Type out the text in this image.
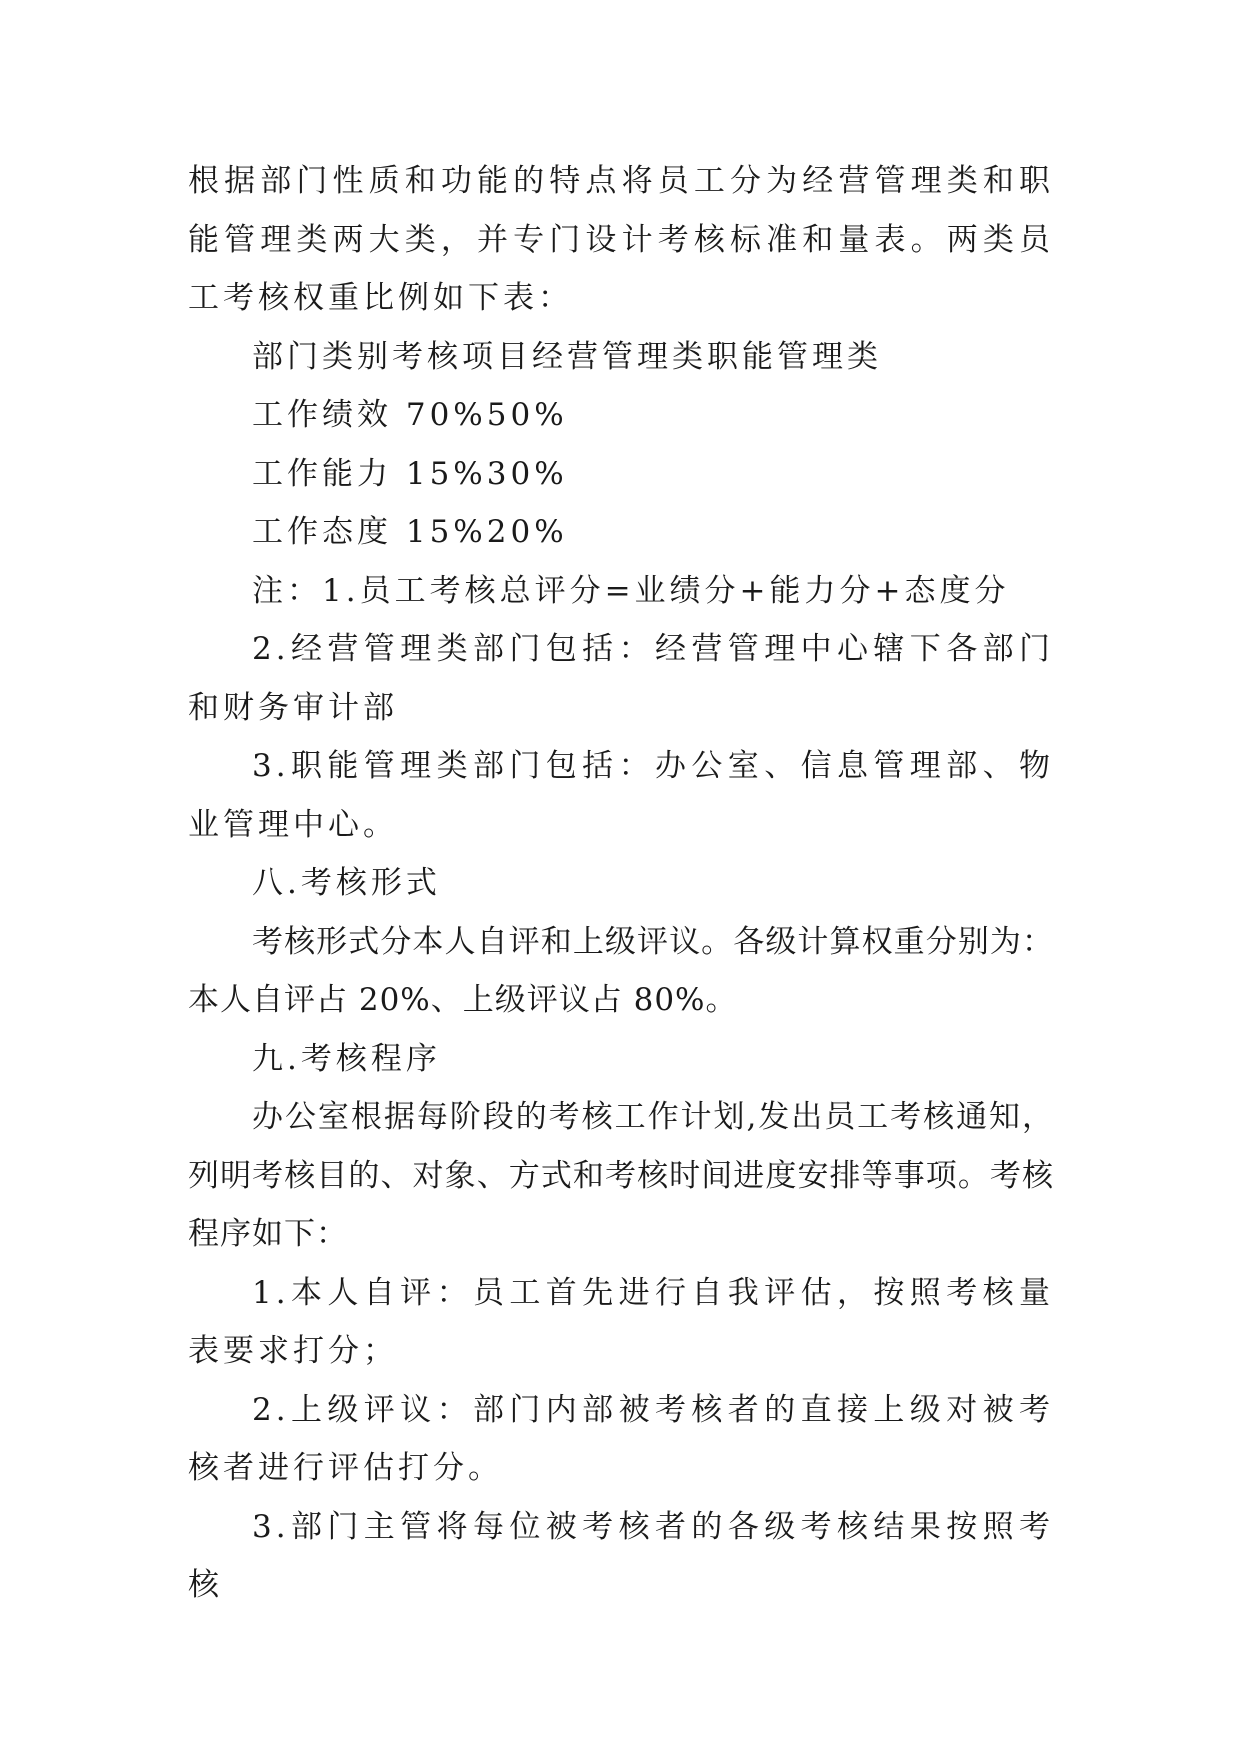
根据部门性质和功能的特点将员工分为经营管理类和职能管理类两大类，并专门设计考核标准和量表。两类员工考核权重比例如下表：

部门类别考核项目经营管理类职能管理类

工作绩效 70%50%

工作能力 15%30%

工作态度 15%20%

注：1.员工考核总评分=业绩分+能力分+态度分

2.经营管理类部门包括：经营管理中心辖下各部门和财务审计部

3.职能管理类部门包括：办公室、信息管理部、物业管理中心。

八.考核形式

考核形式分本人自评和上级评议。各级计算权重分别为：本人自评占 20%、上级评议占 80%。

九.考核程序

办公室根据每阶段的考核工作计划,发出员工考核通知，列明考核目的、对象、方式和考核时间进度安排等事项。考核程序如下：

1.本人自评：员工首先进行自我评估，按照考核量表要求打分；

2.上级评议：部门内部被考核者的直接上级对被考核者进行评估打分。

3.部门主管将每位被考核者的各级考核结果按照考核
